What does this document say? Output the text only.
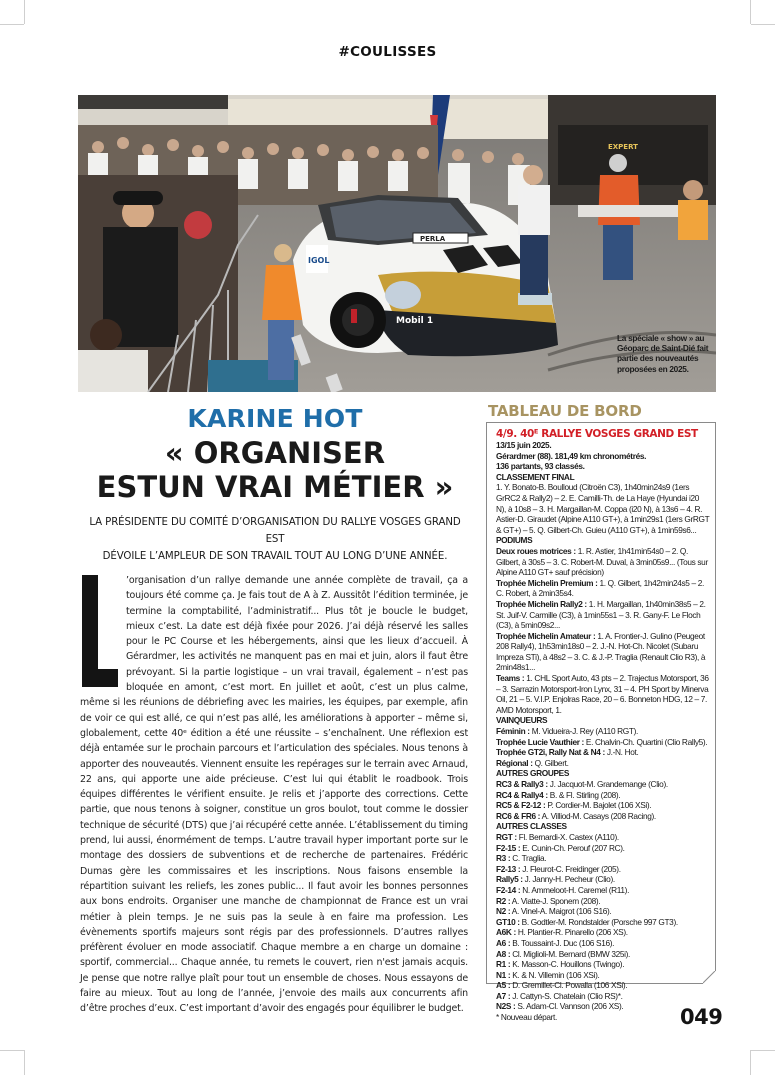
#COULISSES
EXPERT
PERLA
Mobil 1
IGOL
La spéciale « show » au Géoparc de Saint-Dié fait partie des nouveautés proposées en 2025.
KARINE HOT
« ORGANISER
ESTUN VRAI MÉTIER »
LA PRÉSIDENTE DU COMITÉ D’ORGANISATION DU RALLYE VOSGES GRAND EST
DÉVOILE L’AMPLEUR DE SON TRAVAIL TOUT AU LONG D’UNE ANNÉE.
L
’organisation d’un rallye demande une année complète de travail, ça a toujours été comme ça. Je fais tout de A à Z. Aussitôt l’édition terminée, je termine la comptabilité, l’administratif... Plus tôt je boucle le budget, mieux c’est. La date est déjà fixée pour 2026. J’ai déjà réservé les salles pour le PC Course et les hébergements, ainsi que les lieux d’accueil. À Gérardmer, les activités ne manquent pas en mai et juin, alors il faut être prévoyant. Si la partie logistique – un vrai travail, également – n’est pas bloquée en amont, c’est mort. En juillet et août, c’est un plus calme, même si les réunions de débriefing avec les mairies, les équipes, par exemple, afin de voir ce qui est allé, ce qui n’est pas allé, les améliorations à apporter – même si, globalement, cette 40ᵉ édition a été une réussite – s’enchaînent. Une réflexion est déjà entamée sur le prochain parcours et l’articulation des spéciales. Nous tenons à apporter des nouveautés. Viennent ensuite les repérages sur le terrain avec Arnaud, 22 ans, qui apporte une aide précieuse. C’est lui qui établit le roadbook. Trois équipes différentes le vérifient ensuite. Je relis et j’apporte des corrections. Cette partie, que nous tenons à soigner, constitue un gros boulot, tout comme le dossier technique de sécurité (DTS) que j’ai récupéré cette année. L’établissement du timing prend, lui aussi, énormément de temps. L’autre travail hyper important porte sur le montage des dossiers de subventions et de recherche de partenaires. Frédéric Dumas gère les commissaires et les inscriptions. Nous faisons ensemble la répartition suivant les reliefs, les zones public... Il faut avoir les bonnes personnes aux bons endroits. Organiser une manche de championnat de France est un vrai métier à plein temps. Je ne suis pas la seule à en faire ma profession. Les évènements sportifs majeurs sont régis par des professionnels. D’autres rallyes préfèrent évoluer en mode associatif. Chaque membre a en charge un domaine : sportif, commercial... Chaque année, tu remets le couvert, rien n'est jamais acquis. Je pense que notre rallye plaît pour tout un ensemble de choses. Nous essayons de faire au mieux. Tout au long de l’année, j’envoie des mails aux concurrents afin d’être proches d’eux. C’est important d’avoir des engagés pour équilibrer le budget.
TABLEAU DE BORD
4/9. 40ᴱ RALLYE VOSGES GRAND EST
13/15 juin 2025.
Gérardmer (88). 181,49 km chronométrés.
136 partants, 93 classés.
CLASSEMENT FINAL
1. Y. Bonato-B. Boulloud (Citroën C3), 1h40min24s9 (1ers GrRC2 & Rally2) – 2. E. Camilli-Th. de La Haye (Hyundai i20 N), à 10s8 – 3. H. Margaillan-M. Coppa (i20 N), à 13s6 – 4. R. Astier-D. Giraudet (Alpine A110 GT+), à 1min29s1 (1ers GrRGT & GT+) – 5. Q. Gilbert-Ch. Guieu (A110 GT+), à 1min59s6...
PODIUMS
Deux roues motrices : 1. R. Astier, 1h41min54s0 – 2. Q. Gilbert, à 30s5 – 3. C. Robert-M. Duval, à 3min05s9... (Tous sur Alpine A110 GT+ sauf précision)
Trophée Michelin Premium : 1. Q. Gilbert, 1h42min24s5 – 2. C. Robert, à 2min35s4.
Trophée Michelin Rally2 : 1. H. Margaillan, 1h40min38s5 – 2. St. Juif-V. Carmille (C3), à 1min55s1 – 3. R. Gany-F. Le Floch (C3), à 5min09s2...
Trophée Michelin Amateur : 1. A. Frontier-J. Gulino (Peugeot 208 Rally4), 1h53min18s0 – 2. J.-N. Hot-Ch. Nicolet (Subaru Impreza STi), à 48s2 – 3. C. & J.-P. Traglia (Renault Clio R3), à 2min48s1...
Teams : 1. CHL Sport Auto, 43 pts – 2. Trajectus Motorsport, 36 – 3. Sarrazin Motorsport-Iron Lynx, 31 – 4. PH Sport by Minerva Oil, 21 – 5. V.I.P. Enjolras Race, 20 – 6. Bonneton HDG, 12 – 7. AMD Motorsport, 1.
VAINQUEURS
Féminin : M. Vidueira-J. Rey (A110 RGT).
Trophée Lucie Vauthier : E. Chalvin-Ch. Quartini (Clio Rally5).
Trophée GT2i, Rally Nat & N4 : J.-N. Hot.
Régional : Q. Gilbert.
AUTRES GROUPES
RC3 & Rally3 : J. Jacquot-M. Grandemange (Clio).
RC4 & Rally4 : B. & Fl. Stirling (208).
RC5 & F2-12 : P. Cordier-M. Bajolet (106 XSi).
RC6 & FR6 : A. Villiod-M. Casays (208 Racing).
AUTRES CLASSES
RGT : Fl. Bernardi-X. Castex (A110).
F2-15 : E. Cunin-Ch. Perouf (207 RC).
R3 : C. Traglia.
F2-13 : J. Fleurot-C. Freidinger (205).
Rally5 : J. Janny-H. Pecheur (Clio).
F2-14 : N. Ammeloot-H. Caremel (R11).
R2 : A. Viatte-J. Sponem (208).
N2 : A. Vinel-A. Maigrot (106 S16).
GT10 : B. Godtler-M. Rondstalder (Porsche 997 GT3).
A6K : H. Plantier-R. Pinarello (206 XS).
A6 : B. Toussaint-J. Duc (106 S16).
A8 : Cl. Miglioli-M. Bernard (BMW 325i).
R1 : K. Masson-C. Houillons (Twingo).
N1 : K. & N. Villemin (106 XSi).
A5 : D. Gremillet-Cl. Powalla (106 XSi).
A7 : J. Cattyn-S. Chatelain (Clio RS)*.
N2S : S. Adam-Cl. Vannson (206 XS).
* Nouveau départ.	049
